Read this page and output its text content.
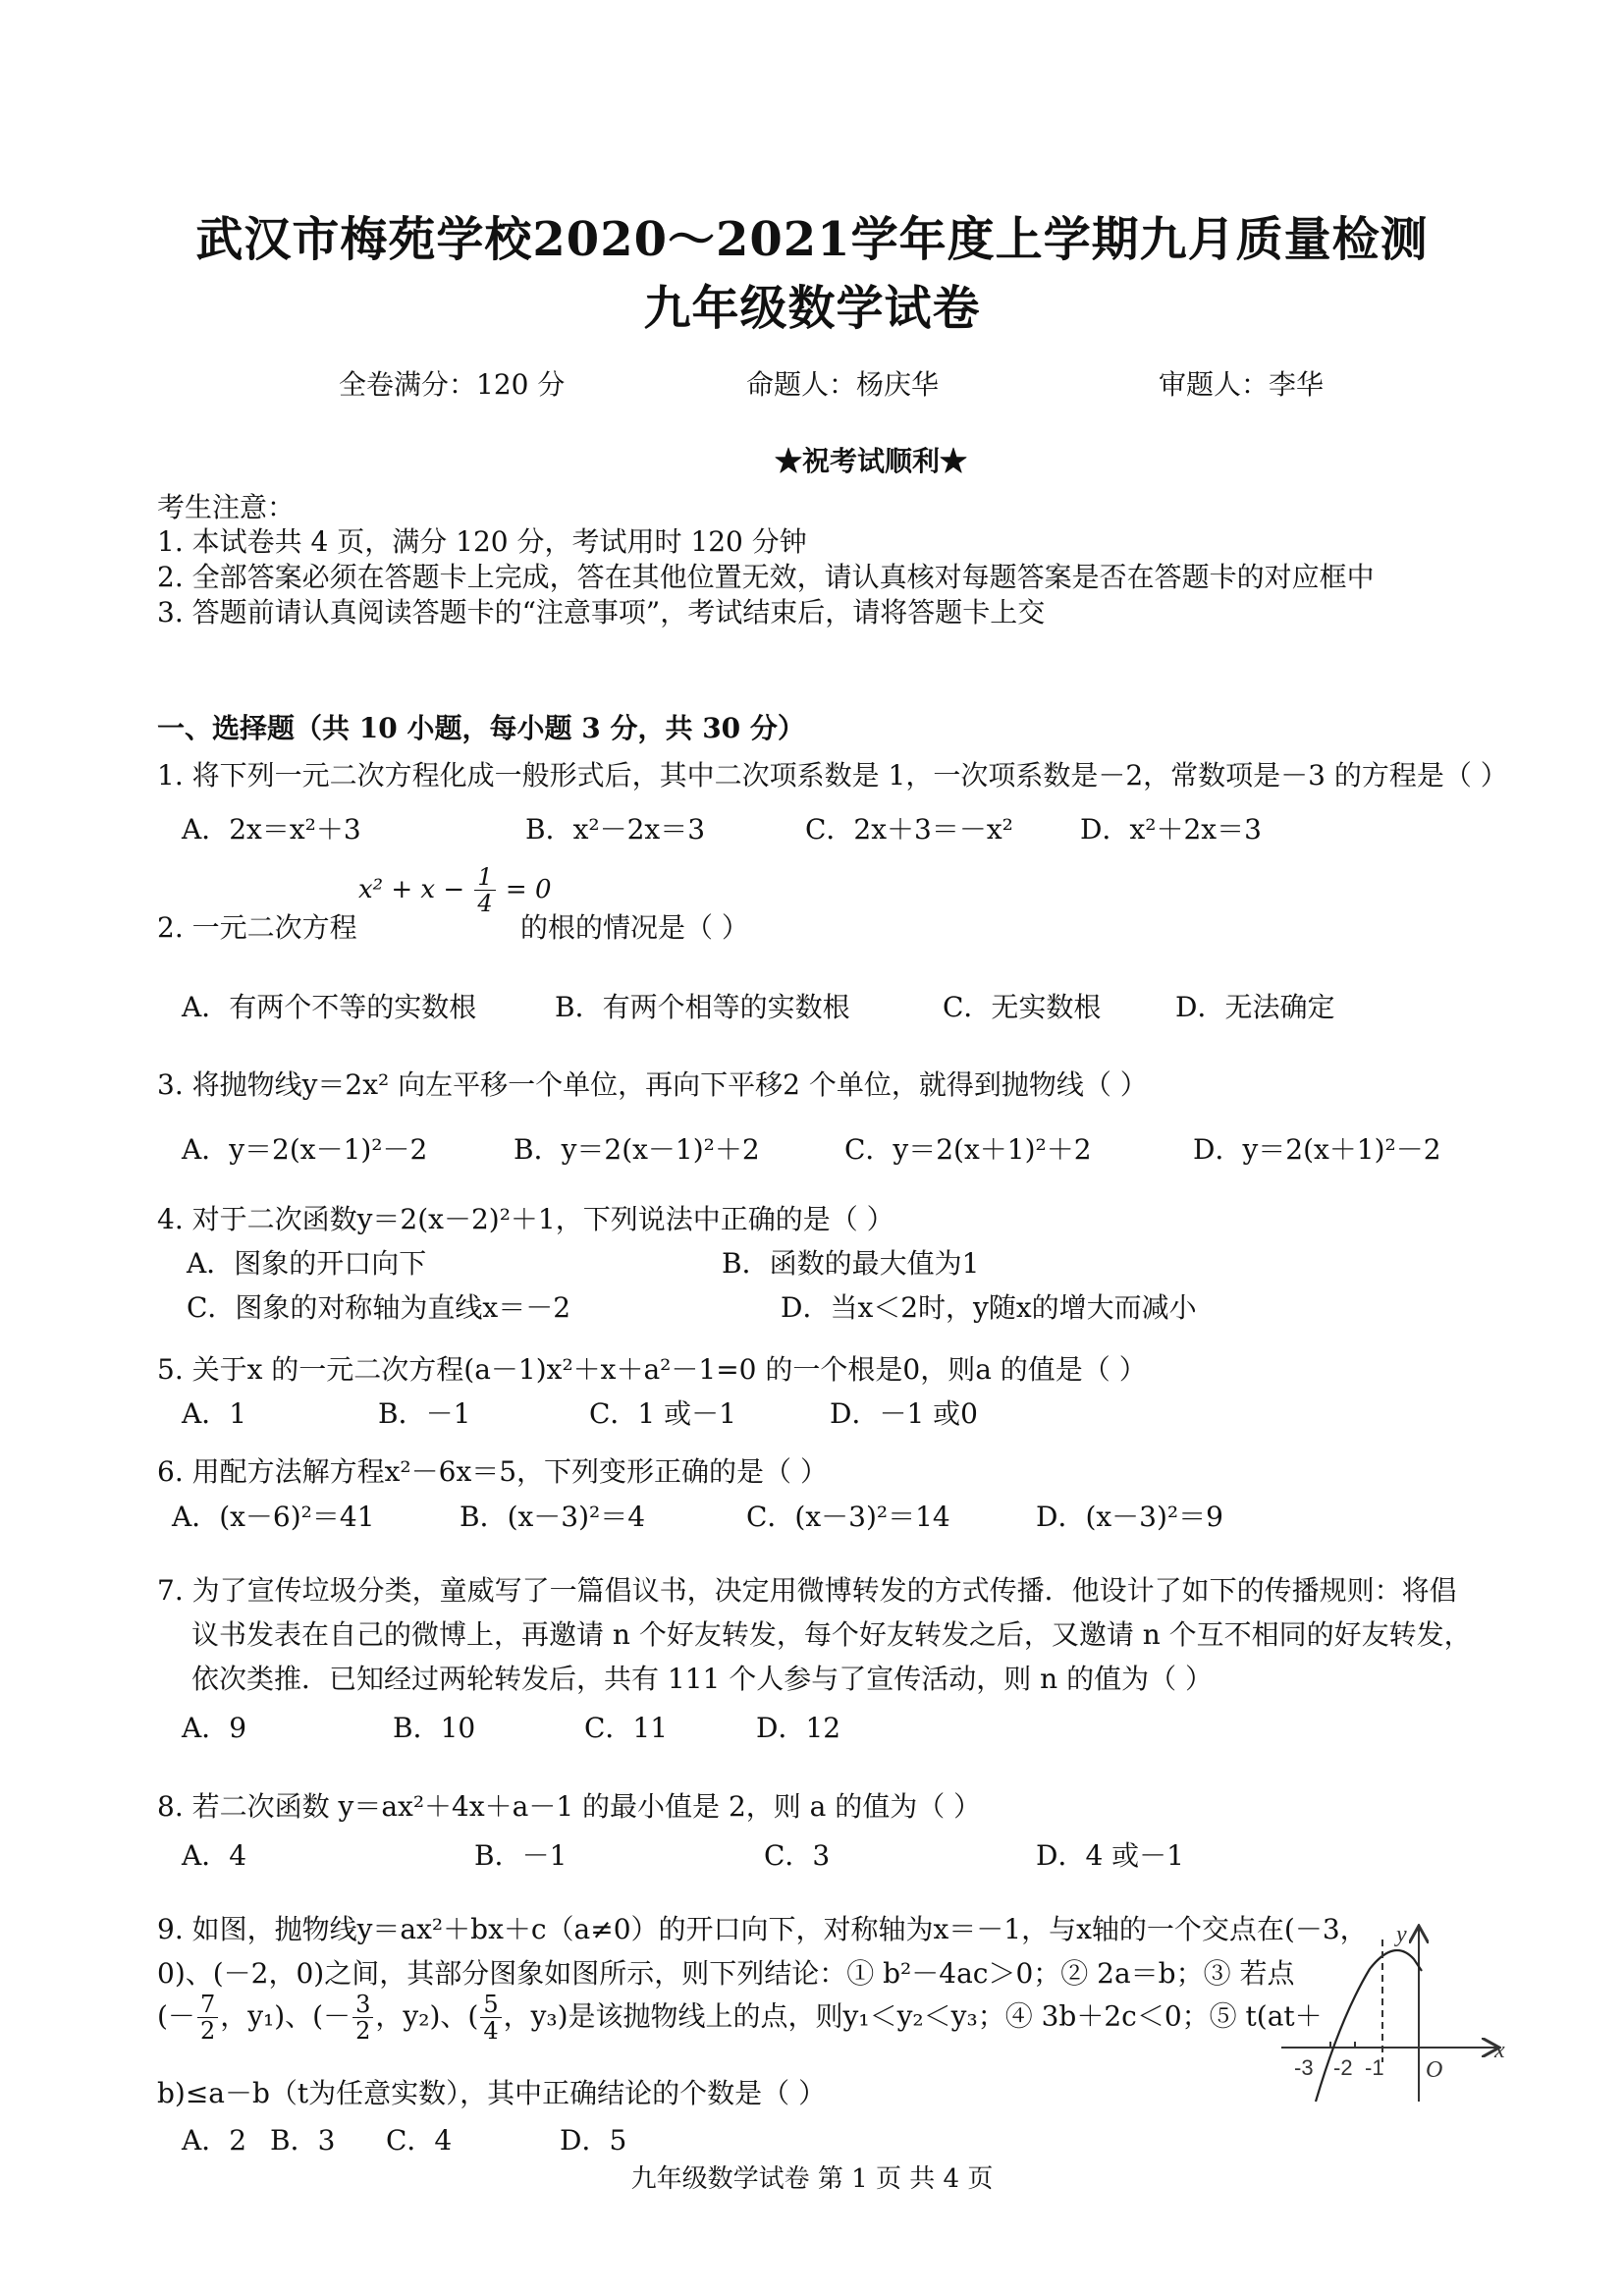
武汉市梅苑学校2020～2021学年度上学期九月质量检测
九年级数学试卷
全卷满分：120 分	命题人：杨庆华	审题人：李华
★祝考试顺利★
考生注意：
1. 本试卷共 4 页，满分 120 分，考试用时 120 分钟
2. 全部答案必须在答题卡上完成，答在其他位置无效，请认真核对每题答案是否在答题卡的对应框中
3. 答题前请认真阅读答题卡的“注意事项”，考试结束后，请将答题卡上交
一、选择题（共 10 小题，每小题 3 分，共 30 分）
1. 将下列一元二次方程化成一般形式后，其中二次项系数是 1，一次项系数是－2，常数项是－3 的方程是（ ）
A．2x＝x²＋3	B．x²－2x＝3	C．2x＋3＝－x² D．x²＋2x＝3
2. 一元二次方程
$x^2 + x - \frac{1}{4} = 0$
的根的情况是（ ）
A．有两个不等的实数根	B．有两个相等的实数根	C．无实数根	D．无法确定
3. 将抛物线y＝2x² 向左平移一个单位，再向下平移2 个单位，就得到抛物线（ ）
A．y＝2(x－1)²－2	B．y＝2(x－1)²＋2	C．y＝2(x＋1)²＋2	D．y＝2(x＋1)²－2
4. 对于二次函数y＝2(x－2)²＋1，下列说法中正确的是（ ）
A．图象的开口向下	B．函数的最大值为1
C．图象的对称轴为直线x＝－2	D．当x＜2时，y随x的增大而减小
5. 关于x 的一元二次方程(a－1)x²＋x＋a²－1=0 的一个根是0，则a 的值是（ ）
A．1	B．－1	C．1 或－1	D．－1 或0
6. 用配方法解方程x²－6x＝5，下列变形正确的是（ ）
A．(x－6)²＝41	B．(x－3)²＝4	C．(x－3)²＝14	D．(x－3)²＝9
7. 为了宣传垃圾分类，童威写了一篇倡议书，决定用微博转发的方式传播．他设计了如下的传播规则：将倡
议书发表在自己的微博上，再邀请 n 个好友转发，每个好友转发之后，又邀请 n 个互不相同的好友转发，
依次类推．已知经过两轮转发后，共有 111 个人参与了宣传活动，则 n 的值为（ ）
A．9	B．10	C．11	D．12
8. 若二次函数 y＝ax²＋4x＋a－1 的最小值是 2，则 a 的值为（ ）
A．4	B．－1	C．3	D．4 或－1
9. 如图，抛物线y＝ax²＋bx＋c（a≠0）的开口向下，对称轴为x＝－1，与x轴的一个交点在(－3，
0)、(－2，0)之间，其部分图象如图所示，则下列结论：① b²－4ac＞0；② 2a＝b；③ 若点
(－ $\frac{7}{2}$ ，y₁)、(－ $\frac{3}{2}$ ，y₂)、( $\frac{5}{4}$ ，y₃)是该抛物线上的点，则y₁＜y₂＜y₃；④ 3b＋2c＜0；⑤ t(at＋
b)≤a－b（t为任意实数），其中正确结论的个数是（ ）
A．2 B．3 C．4	D．5
y
x
O
-3 -2 -1
九年级数学试卷 第 1 页 共 4 页
